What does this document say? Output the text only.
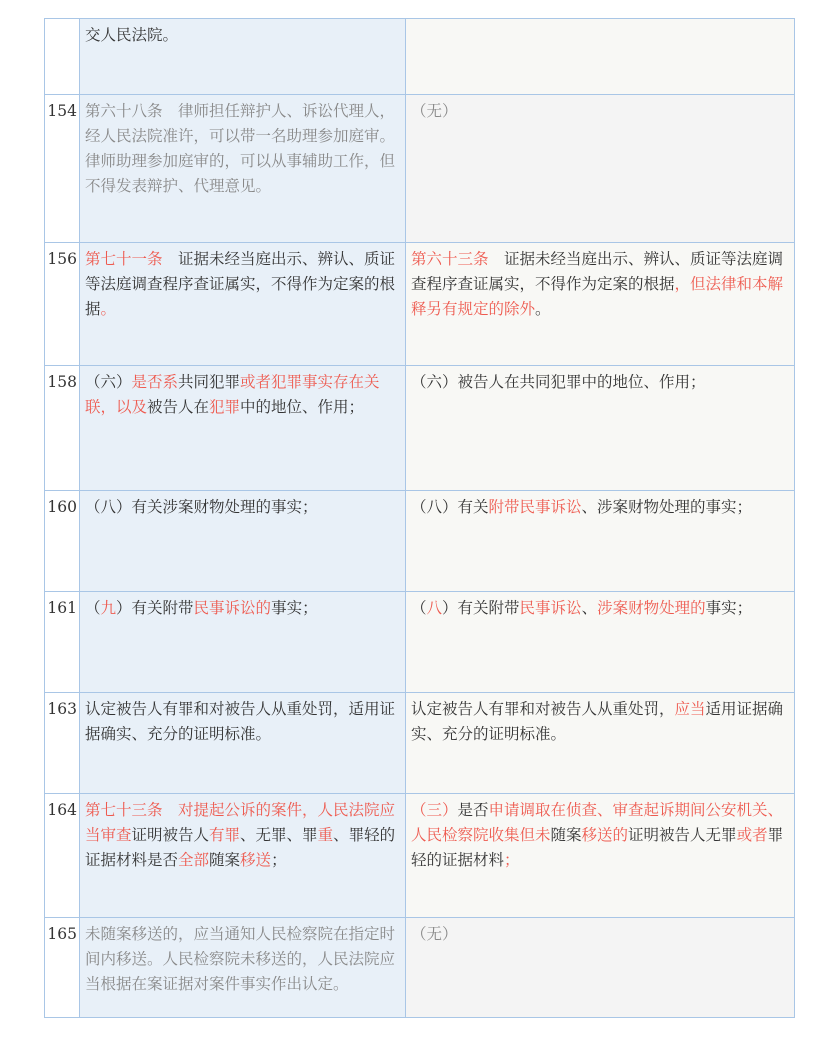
	交人民法院。	
154	第六十八条　律师担任辩护人、诉讼代理人，经人民法院准许，可以带一名助理参加庭审。律师助理参加庭审的，可以从事辅助工作，但不得发表辩护、代理意见。	（无）
156	第七十一条　证据未经当庭出示、辨认、质证等法庭调查程序查证属实，不得作为定案的根据。	第六十三条　证据未经当庭出示、辨认、质证等法庭调查程序查证属实，不得作为定案的根据，但法律和本解释另有规定的除外。
158	（六）是否系共同犯罪或者犯罪事实存在关联，以及被告人在犯罪中的地位、作用；	（六）被告人在共同犯罪中的地位、作用；
160	（八）有关涉案财物处理的事实；	（八）有关附带民事诉讼、涉案财物处理的事实；
161	（九）有关附带民事诉讼的事实；	（八）有关附带民事诉讼、涉案财物处理的事实；
163	认定被告人有罪和对被告人从重处罚，适用证据确实、充分的证明标准。	认定被告人有罪和对被告人从重处罚，应当适用证据确实、充分的证明标准。
164	第七十三条　对提起公诉的案件，人民法院应当审查证明被告人有罪、无罪、罪重、罪轻的证据材料是否全部随案移送；	（三）是否申请调取在侦查、审查起诉期间公安机关、人民检察院收集但未随案移送的证明被告人无罪或者罪轻的证据材料；
165	未随案移送的，应当通知人民检察院在指定时间内移送。人民检察院未移送的，人民法院应当根据在案证据对案件事实作出认定。	（无）
